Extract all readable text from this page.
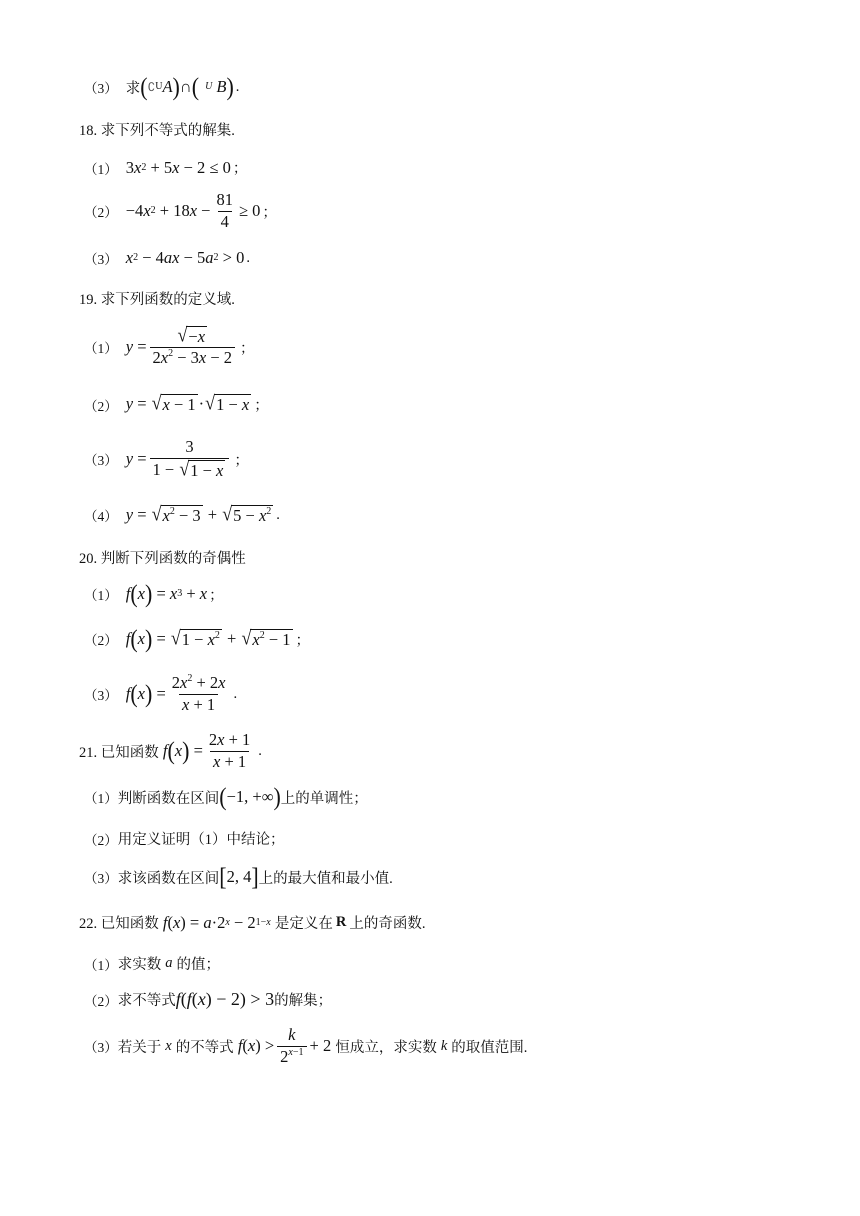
（3） 求 ( ∁ U A ) ∩ ( U B ) .
18. 求下列不等式的解集.
（1） 3 x 2 + 5 x − 2 ≤ 0 ；
（2） −4 x 2 + 18 $x - \frac{81}{4} \ge 0$ ；
（3） x 2 − 4 ax − 5 a 2 > 0 .
19. 求下列函数的定义域.
（1） $y = \frac{√ -x}{2x^2 - 3x - 2}$ ；
（2） y = √ x − 1 · √ 1 − x ；
（3） $y = \frac{3}{1 - √ 1 - x}$ ；
（4） y = √ $x^2 - 3$ + √ $5 - x^2$ .
20. 判断下列函数的奇偶性
（1） f ( x ) = x 3 + x ；
（2） f ( x ) = √ $1 - x^2$ + √ $x^2 - 1$ ；
（3） f ( x ) = $\frac{2x^2 + 2x}{x + 1}$ .
21. 已知函数
f ( x ) = $\frac{2x + 1}{x + 1}$ .
（1） 判断函数在区间 ( −1, +∞ ) 上的单调性；
（2） 用定义证明（1）中结论；
（3） 求该函数在区间 [ 2, 4 ] 上的最大值和最小值.
22. 已知函数
f ( x ) = a ·2 x − 2 1−x
是定义在 R 上的奇函数.
（1） 求实数 a 的值；
（2） 求不等式 f ( f ( x ) − 2) > 3 的解集；
（3） 若关于 x 的不等式
f ( x ) > $\frac{k}{2^{x-1}} + 2$ 恒成立，求实数 k 的取值范围.
